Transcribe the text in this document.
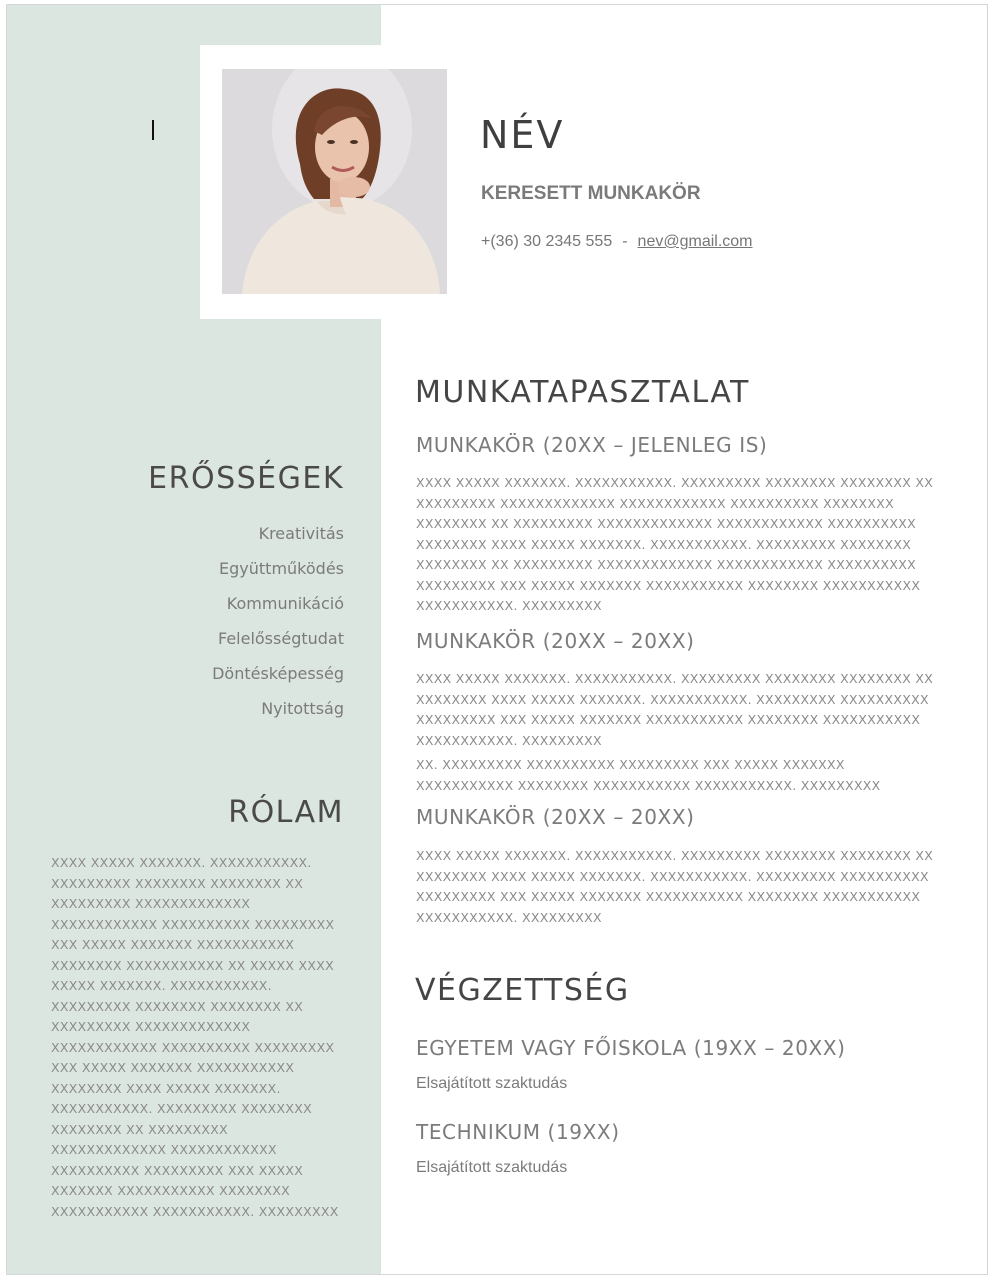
NÉV
KERESETT MUNKAKÖR
+(36) 30 2345 555 - nev@gmail.com
ERŐSSÉGEK
Kreativitás
Együttműködés
Kommunikáció
Felelősségtudat
Döntésképesség
Nyitottság
RÓLAM

XXXX XXXXX XXXXXXX. XXXXXXXXXXX. XXXXXXXXX XXXXXXXX XXXXXXXX XX XXXXXXXXX XXXXXXXXXXXXX XXXXXXXXXXXX XXXXXXXXXX XXXXXXXXX XXX XXXXX XXXXXXX XXXXXXXXXXX XXXXXXXX XXXXXXXXXXX XX XXXXX XXXX XXXXX XXXXXXX. XXXXXXXXXXX. XXXXXXXXX XXXXXXXX XXXXXXXX XX XXXXXXXXX XXXXXXXXXXXXX XXXXXXXXXXXX XXXXXXXXXX XXXXXXXXX XXX XXXXX XXXXXXX XXXXXXXXXXX XXXXXXXX XXXX XXXXX XXXXXXX. XXXXXXXXXXX. XXXXXXXXX XXXXXXXX XXXXXXXX XX XXXXXXXXX XXXXXXXXXXXXX XXXXXXXXXXXX XXXXXXXXXX XXXXXXXXX XXX XXXXX XXXXXXX XXXXXXXXXXX XXXXXXXX XXXXXXXXXXX XXXXXXXXXXX. XXXXXXXXX

MUNKATAPASZTALAT
MUNKAKÖR (20XX – JELENLEG IS)

XXXX XXXXX XXXXXXX. XXXXXXXXXXX. XXXXXXXXX XXXXXXXX XXXXXXXX XX XXXXXXXXX XXXXXXXXXXXXX XXXXXXXXXXXX XXXXXXXXXX XXXXXXXX XXXXXXXX XX XXXXXXXXX XXXXXXXXXXXXX XXXXXXXXXXXX XXXXXXXXXX XXXXXXXX XXXX XXXXX XXXXXXX. XXXXXXXXXXX. XXXXXXXXX XXXXXXXX XXXXXXXX XX XXXXXXXXX XXXXXXXXXXXXX XXXXXXXXXXXX XXXXXXXXXX XXXXXXXXX XXX XXXXX XXXXXXX XXXXXXXXXXX XXXXXXXX XXXXXXXXXXX XXXXXXXXXXX. XXXXXXXXX

MUNKAKÖR (20XX – 20XX)

XXXX XXXXX XXXXXXX. XXXXXXXXXXX. XXXXXXXXX XXXXXXXX XXXXXXXX XX XXXXXXXX XXXX XXXXX XXXXXXX. XXXXXXXXXXX. XXXXXXXXX XXXXXXXXXX XXXXXXXXX XXX XXXXX XXXXXXX XXXXXXXXXXX XXXXXXXX XXXXXXXXXXX XXXXXXXXXXX. XXXXXXXXX

XX. XXXXXXXXX XXXXXXXXXX XXXXXXXXX XXX XXXXX XXXXXXX XXXXXXXXXXX XXXXXXXX XXXXXXXXXXX XXXXXXXXXXX. XXXXXXXXX

MUNKAKÖR (20XX – 20XX)

XXXX XXXXX XXXXXXX. XXXXXXXXXXX. XXXXXXXXX XXXXXXXX XXXXXXXX XX XXXXXXXX XXXX XXXXX XXXXXXX. XXXXXXXXXXX. XXXXXXXXX XXXXXXXXXX XXXXXXXXX XXX XXXXX XXXXXXX XXXXXXXXXXX XXXXXXXX XXXXXXXXXXX XXXXXXXXXXX. XXXXXXXXX

VÉGZETTSÉG
EGYETEM VAGY FŐISKOLA (19XX – 20XX)

Elsajátított szaktudás

TECHNIKUM (19XX)

Elsajátított szaktudás
